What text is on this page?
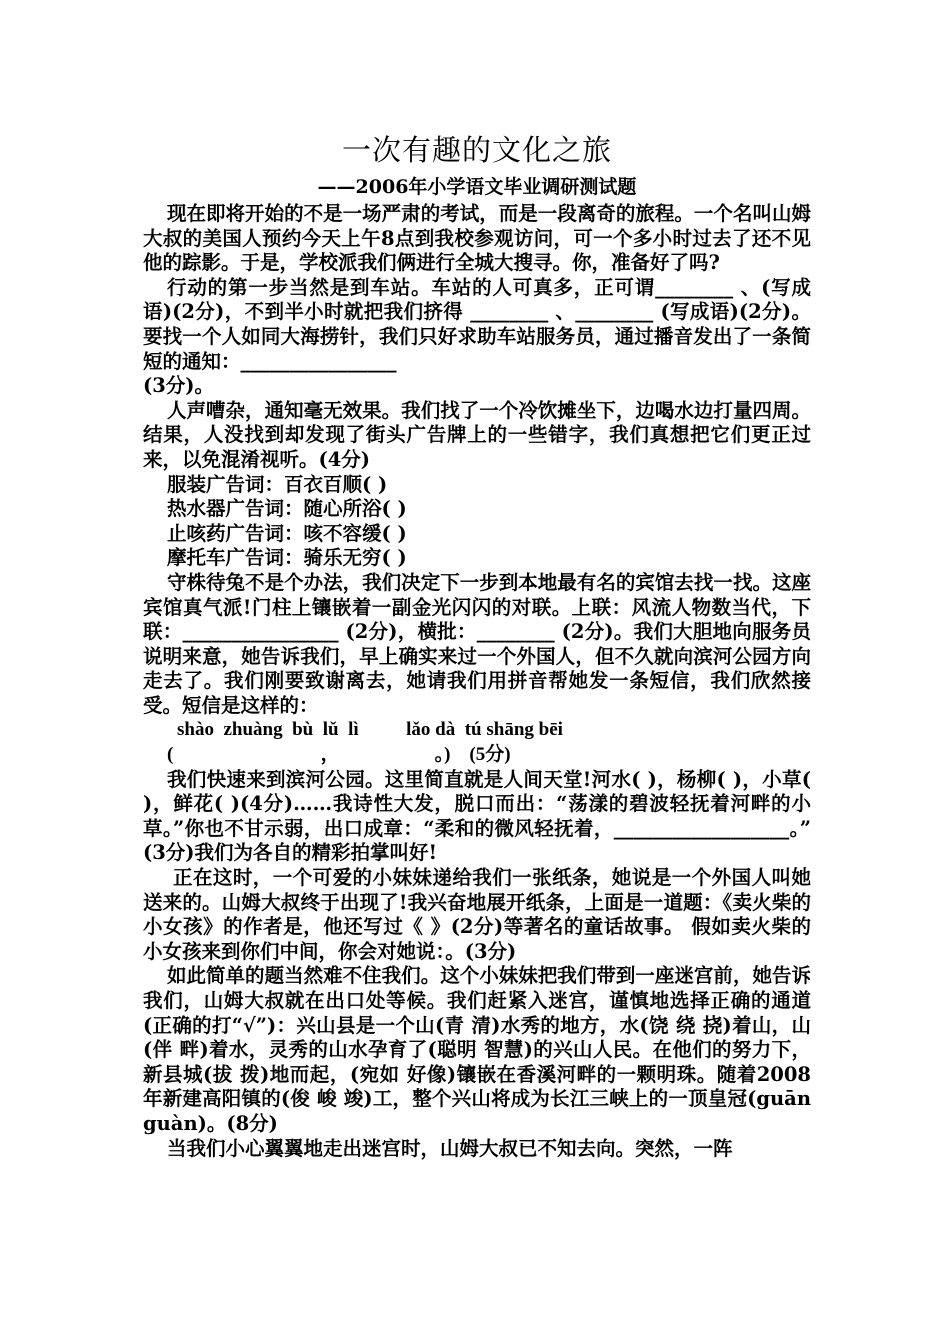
一次有趣的文化之旅
——2006年小学语文毕业调研测试题

现在即将开始的不是一场严肃的考试，而是一段离奇的旅程。一个名叫山姆大叔的美国人预约今天上午8点到我校参观访问，可一个多小时过去了还不见他的踪影。于是，学校派我们俩进行全城大搜寻。你，准备好了吗?

行动的第一步当然是到车站。车站的人可真多，正可谓________ 、(写成语)(2分)，不到半小时就把我们挤得 ________ 、________ (写成语)(2分)。要找一个人如同大海捞针，我们只好求助车站服务员，通过播音发出了一条简短的通知：________________

(3分)。

人声嘈杂，通知毫无效果。我们找了一个冷饮摊坐下，边喝水边打量四周。结果，人没找到却发现了街头广告牌上的一些错字，我们真想把它们更正过来，以免混淆视听。(4分)

服装广告词：百衣百顺( )

热水器广告词：随心所浴( )

止咳药广告词：咳不容缓( )

摩托车广告词：骑乐无穷( )

守株待兔不是个办法，我们决定下一步到本地最有名的宾馆去找一找。这座宾馆真气派!门柱上镶嵌着一副金光闪闪的对联。上联：风流人物数当代，下联：________________ (2分)，横批：________ (2分)。我们大胆地向服务员说明来意，她告诉我们，早上确实来过一个外国人，但不久就向滨河公园方向走去了。我们刚要致谢离去，她请我们用拼音帮她发一条短信，我们欣然接受。短信是这样的：

shào  zhuàng  bù  lǔ  lì          lǎo dà  tú shāng bēi

(                               ，                    。)    (5分)

我们快速来到滨河公园。这里简直就是人间天堂!河水( )，杨柳( )，小草( )，鲜花( )(4分)……我诗性大发，脱口而出：“荡漾的碧波轻抚着河畔的小草。”你也不甘示弱，出口成章：“柔和的微风轻抚着，__________________。” (3分)我们为各自的精彩拍掌叫好!

正在这时，一个可爱的小妹妹递给我们一张纸条，她说是一个外国人叫她送来的。山姆大叔终于出现了!我兴奋地展开纸条，上面是一道题：《卖火柴的小女孩》的作者是，他还写过《 》(2分)等著名的童话故事。 假如卖火柴的小女孩来到你们中间，你会对她说：。(3分)

如此简单的题当然难不住我们。这个小妹妹把我们带到一座迷宫前，她告诉我们，山姆大叔就在出口处等候。我们赶紧入迷宫，谨慎地选择正确的通道(正确的打“√”)：兴山县是一个山(青 清)水秀的地方，水(饶 绕 挠)着山，山(伴 畔)着水，灵秀的山水孕育了(聪明 智慧)的兴山人民。在他们的努力下，新县城(拔 拨)地而起，(宛如 好像)镶嵌在香溪河畔的一颗明珠。随着2008年新建高阳镇的(俊 峻 竣)工，整个兴山将成为长江三峡上的一顶皇冠(guān guàn)。(8分)

当我们小心翼翼地走出迷宫时，山姆大叔已不知去向。突然，一阵
